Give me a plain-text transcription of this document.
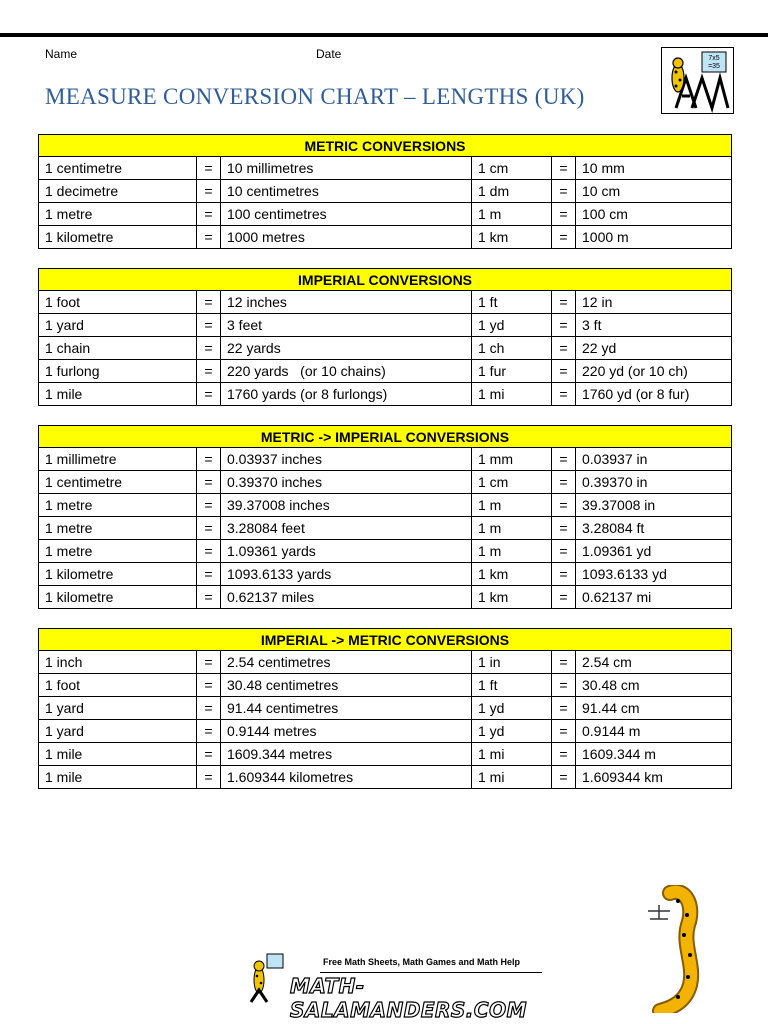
Name	Date
MEASURE CONVERSION CHART – LENGTHS (UK)
7x5
=35
METRIC CONVERSIONS					
1 centimetre	=	10 millimetres	1 cm	=	10 mm
1 decimetre	=	10 centimetres	1 dm	=	10 cm
1 metre	=	100 centimetres	1 m	=	100 cm
1 kilometre	=	1000 metres	1 km	=	1000 m
IMPERIAL CONVERSIONS					
1 foot	=	12 inches	1 ft	=	12 in
1 yard	=	3 feet	1 yd	=	3 ft
1 chain	=	22 yards	1 ch	=	22 yd
1 furlong	=	220 yards   (or 10 chains)	1 fur	=	220 yd (or 10 ch)
1 mile	=	1760 yards (or 8 furlongs)	1 mi	=	1760 yd (or 8 fur)
METRIC -> IMPERIAL CONVERSIONS					
1 millimetre	=	0.03937 inches	1 mm	=	0.03937 in
1 centimetre	=	0.39370 inches	1 cm	=	0.39370 in
1 metre	=	39.37008 inches	1 m	=	39.37008 in
1 metre	=	3.28084 feet	1 m	=	3.28084 ft
1 metre	=	1.09361 yards	1 m	=	1.09361 yd
1 kilometre	=	1093.6133 yards	1 km	=	1093.6133 yd
1 kilometre	=	0.62137 miles	1 km	=	0.62137 mi
IMPERIAL -> METRIC CONVERSIONS					
1 inch	=	2.54 centimetres	1 in	=	2.54 cm
1 foot	=	30.48 centimetres	1 ft	=	30.48 cm
1 yard	=	91.44 centimetres	1 yd	=	91.44 cm
1 yard	=	0.9144 metres	1 yd	=	0.9144 m
1 mile	=	1609.344 metres	1 mi	=	1609.344 m
1 mile	=	1.609344 kilometres	1 mi	=	1.609344 km
Free Math Sheets, Math Games and Math Help
MATH-SALAMANDERS.COM
